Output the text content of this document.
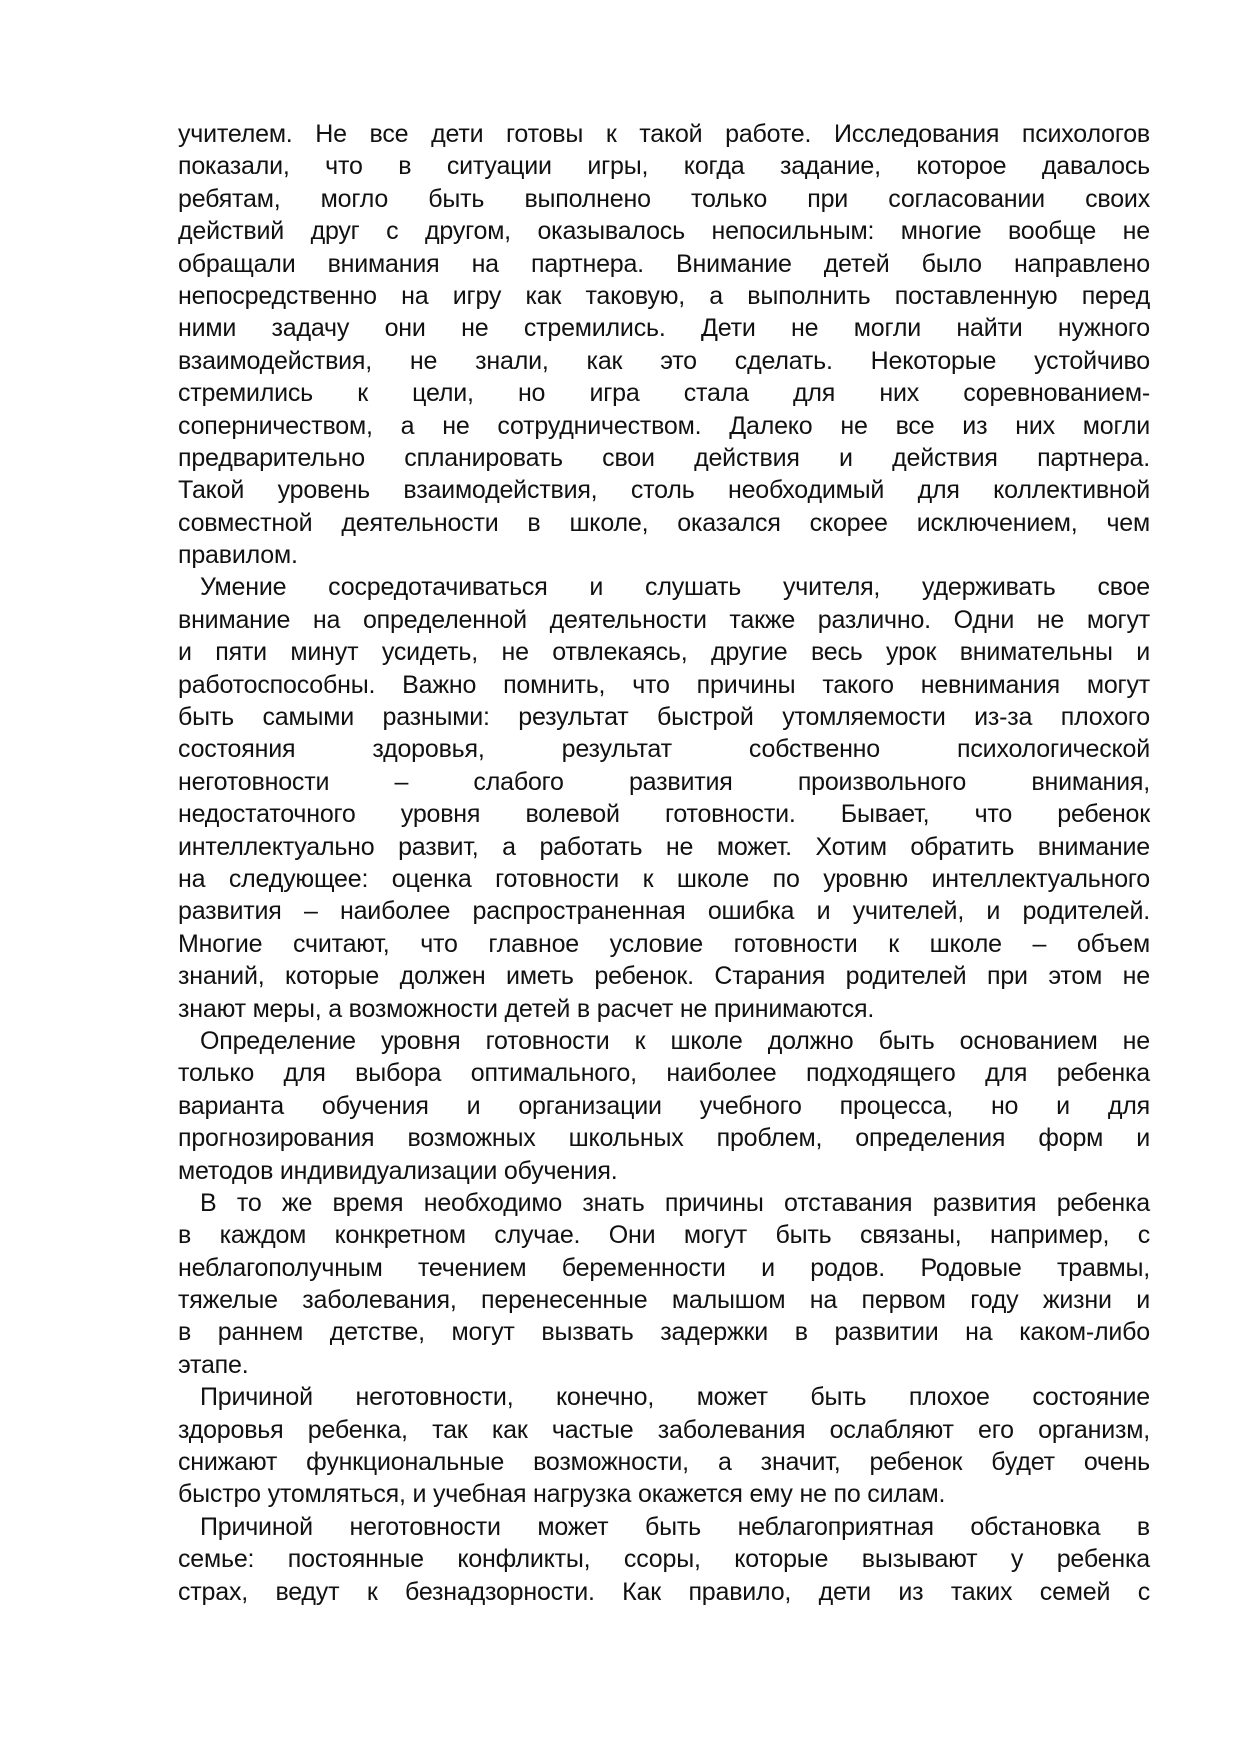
учителем. Не все дети готовы к такой работе. Исследования психологов
показали, что в ситуации игры, когда задание, которое давалось
ребятам, могло быть выполнено только при согласовании своих
действий друг с другом, оказывалось непосильным: многие вообще не
обращали внимания на партнера. Внимание детей было направлено
непосредственно на игру как таковую, а выполнить поставленную перед
ними задачу они не стремились. Дети не могли найти нужного
взаимодействия, не знали, как это сделать. Некоторые устойчиво
стремились к цели, но игра стала для них соревнованием-
соперничеством, а не сотрудничеством. Далеко не все из них могли
предварительно спланировать свои действия и действия партнера.
Такой уровень взаимодействия, столь необходимый для коллективной
совместной деятельности в школе, оказался скорее исключением, чем
правилом.
Умение сосредотачиваться и слушать учителя, удерживать свое
внимание на определенной деятельности также различно. Одни не могут
и пяти минут усидеть, не отвлекаясь, другие весь урок внимательны и
работоспособны. Важно помнить, что причины такого невнимания могут
быть самыми разными: результат быстрой утомляемости из-за плохого
состояния здоровья, результат собственно психологической
неготовности – слабого развития произвольного внимания,
недостаточного уровня волевой готовности. Бывает, что ребенок
интеллектуально развит, а работать не может. Хотим обратить внимание
на следующее: оценка готовности к школе по уровню интеллектуального
развития – наиболее распространенная ошибка и учителей, и родителей.
Многие считают, что главное условие готовности к школе – объем
знаний, которые должен иметь ребенок. Старания родителей при этом не
знают меры, а возможности детей в расчет не принимаются.
Определение уровня готовности к школе должно быть основанием не
только для выбора оптимального, наиболее подходящего для ребенка
варианта обучения и организации учебного процесса, но и для
прогнозирования возможных школьных проблем, определения форм и
методов индивидуализации обучения.
В то же время необходимо знать причины отставания развития ребенка
в каждом конкретном случае. Они могут быть связаны, например, с
неблагополучным течением беременности и родов. Родовые травмы,
тяжелые заболевания, перенесенные малышом на первом году жизни и
в раннем детстве, могут вызвать задержки в развитии на каком-либо
этапе.
Причиной неготовности, конечно, может быть плохое состояние
здоровья ребенка, так как частые заболевания ослабляют его организм,
снижают функциональные возможности, а значит, ребенок будет очень
быстро утомляться, и учебная нагрузка окажется ему не по силам.
Причиной неготовности может быть неблагоприятная обстановка в
семье: постоянные конфликты, ссоры, которые вызывают у ребенка
страх, ведут к безнадзорности. Как правило, дети из таких семей с
